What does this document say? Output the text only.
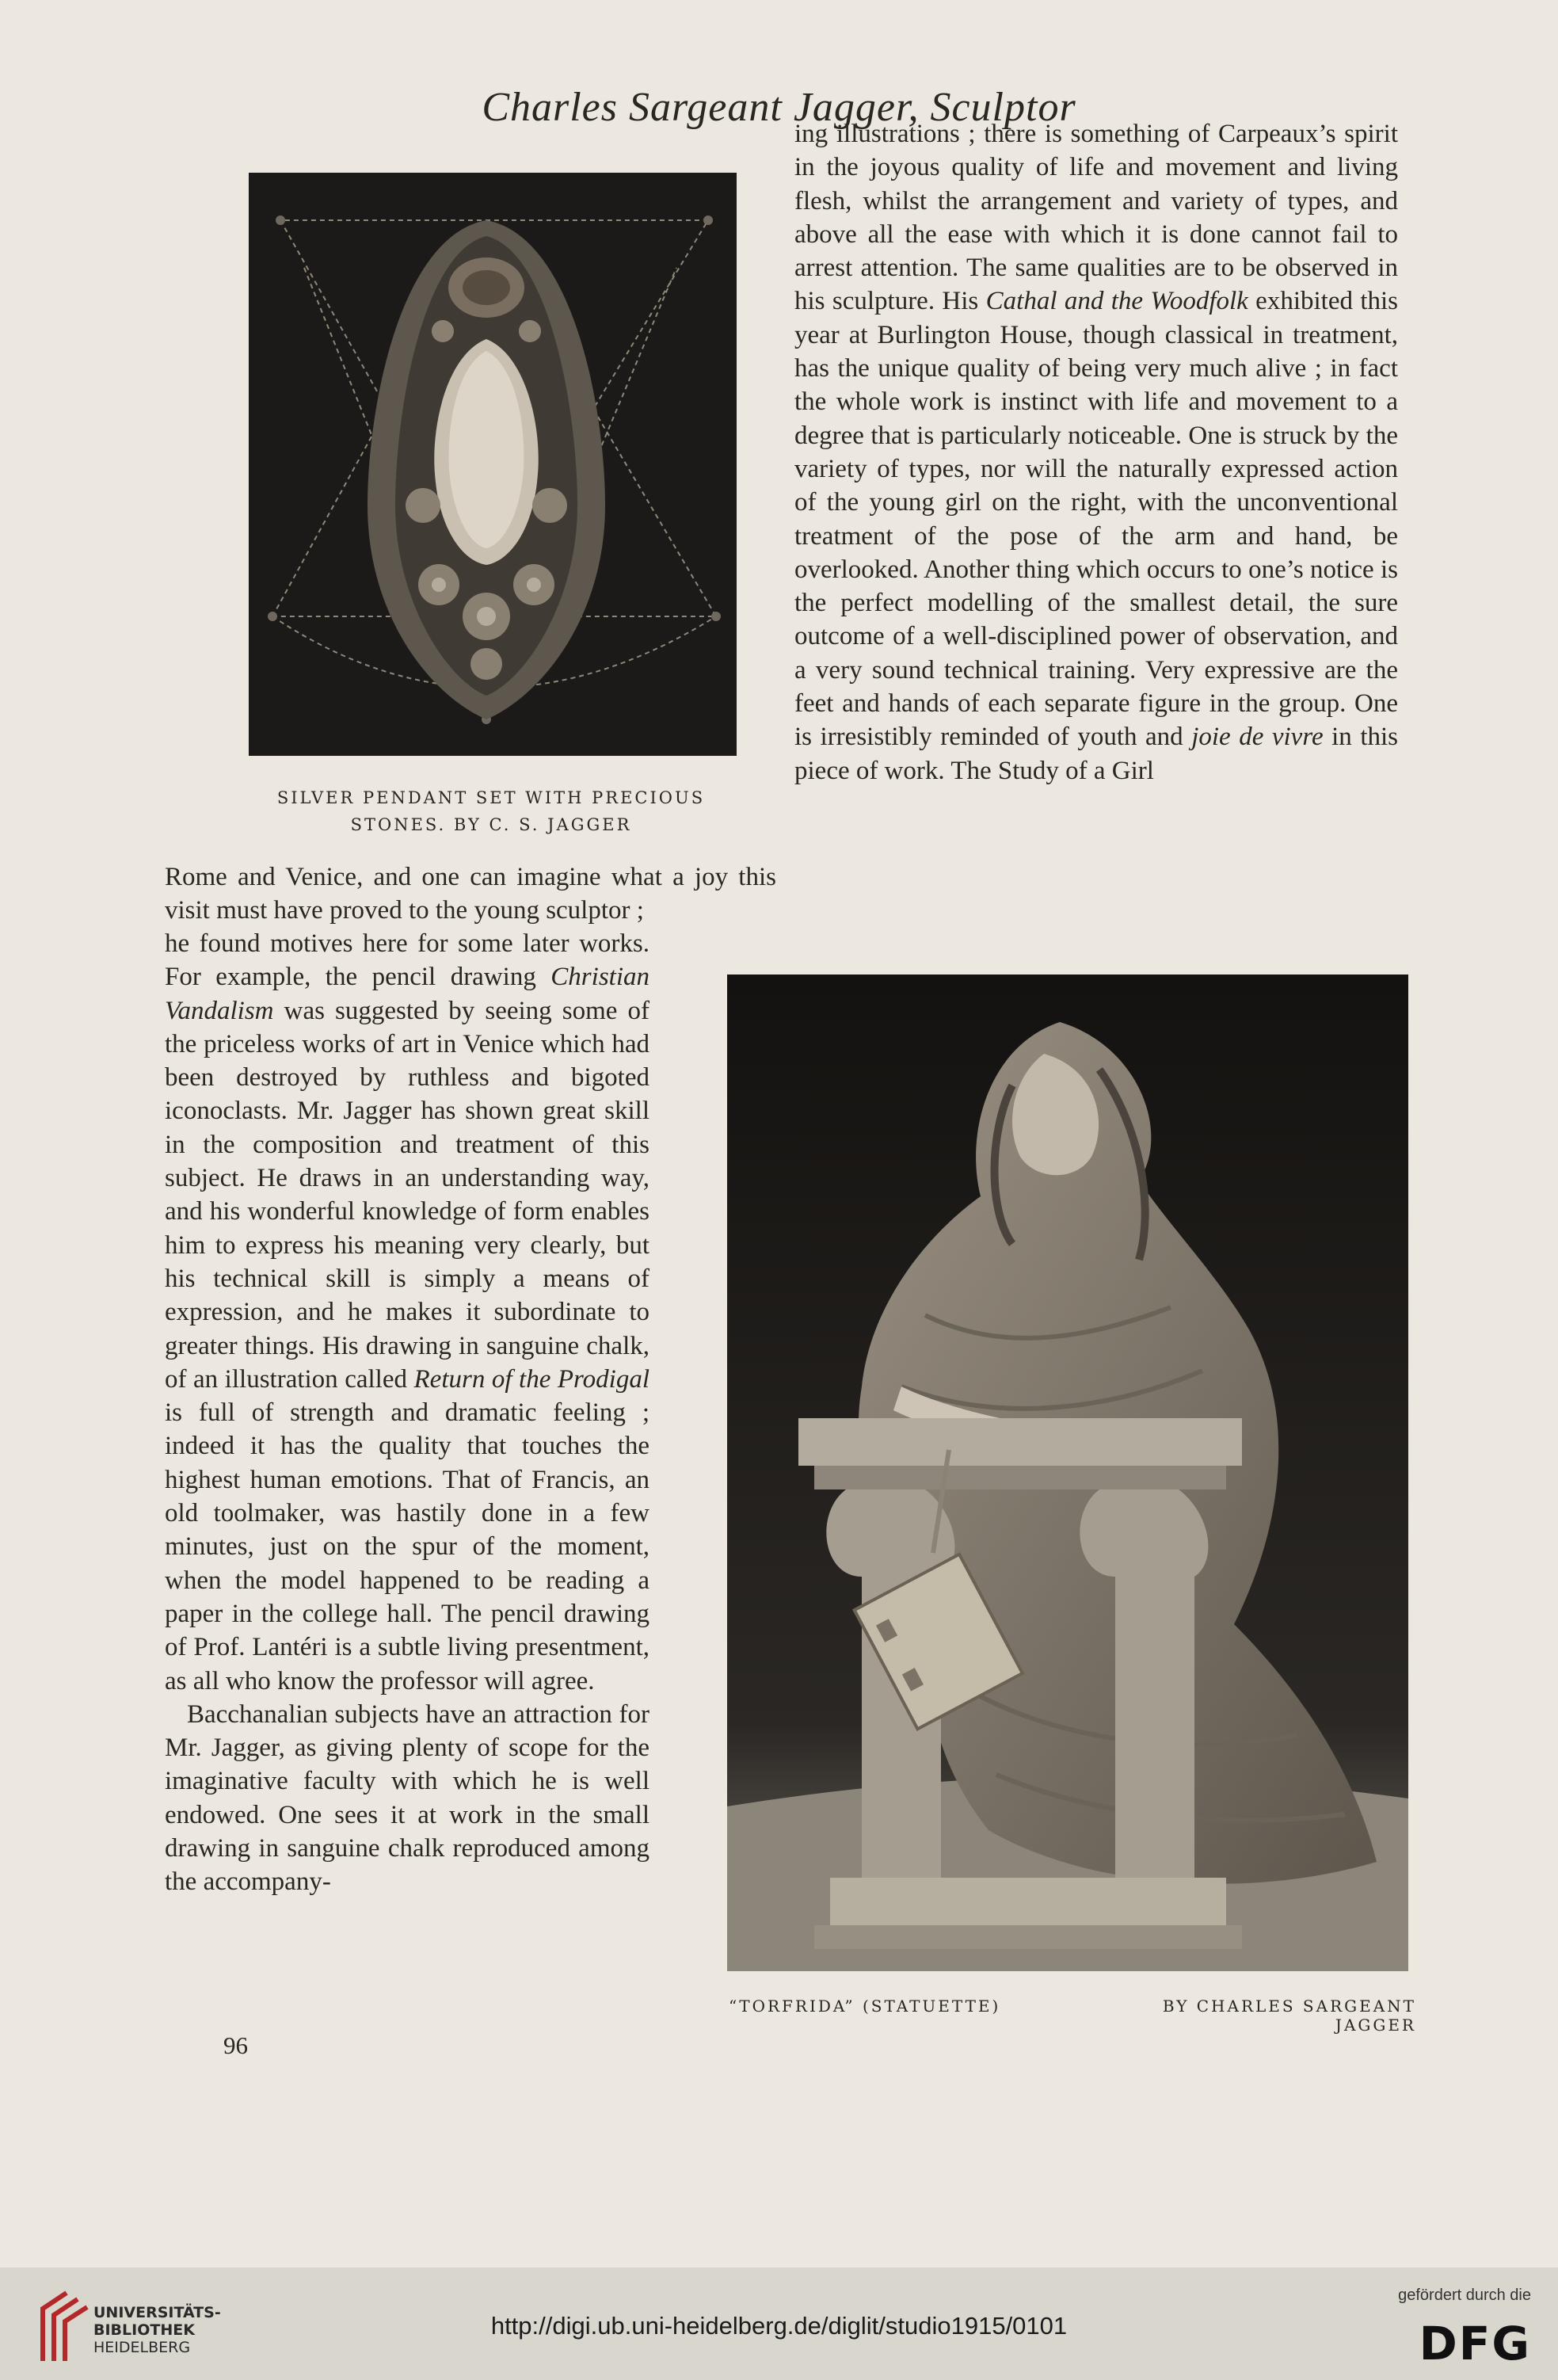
Charles Sargeant Jagger, Sculptor
SILVER PENDANT SET WITH PRECIOUS
STONES. BY C. S. JAGGER

ing illustrations ; there is something of Carpeaux’s spirit in the joyous quality of life and movement and living flesh, whilst the arrangement and variety of types, and above all the ease with which it is done cannot fail to arrest attention. The same qualities are to be observed in his sculpture. His Cathal and the Woodfolk exhibited this year at Burlington House, though classical in treatment, has the unique quality of being very much alive ; in fact the whole work is instinct with life and movement to a degree that is particularly noticeable. One is struck by the variety of types, nor will the naturally expressed action of the young girl on the right, with the unconventional treatment of the pose of the arm and hand, be overlooked. Another thing which occurs to one’s notice is the perfect modelling of the smallest detail, the sure outcome of a well-disciplined power of observation, and a very sound technical training. Very expressive are the feet and hands of each separate figure in the group. One is irresistibly reminded of youth and joie de vivre in this piece of work. The Study of a Girl

Rome and Venice, and one can imagine what a joy this visit must have proved to the young sculptor ;

he found motives here for some later works. For example, the pencil drawing Christian Vandalism was suggested by seeing some of the priceless works of art in Venice which had been destroyed by ruthless and bigoted iconoclasts. Mr. Jagger has shown great skill in the composition and treatment of this subject. He draws in an understanding way, and his wonderful knowledge of form enables him to express his meaning very clearly, but his technical skill is simply a means of expression, and he makes it subordinate to greater things. His drawing in sanguine chalk, of an illustration called Return of the Prodigal is full of strength and dramatic feeling ; indeed it has the quality that touches the highest human emotions. That of Francis, an old toolmaker, was hastily done in a few minutes, just on the spur of the moment, when the model happened to be reading a paper in the college hall. The pencil drawing of Prof. Lantéri is a subtle living presentment, as all who know the professor will agree.

Bacchanalian subjects have an attraction for Mr. Jagger, as giving plenty of scope for the imaginative faculty with which he is well endowed. One sees it at work in the small drawing in sanguine chalk reproduced among the accompany-

“TORFRIDA” (STATUETTE)	BY CHARLES SARGEANT JAGGER
96
UNIVERSITÄTS-
BIBLIOTHEK
HEIDELBERG
http://digi.ub.uni-heidelberg.de/diglit/studio1915/0101
gefördert durch die
DFG
